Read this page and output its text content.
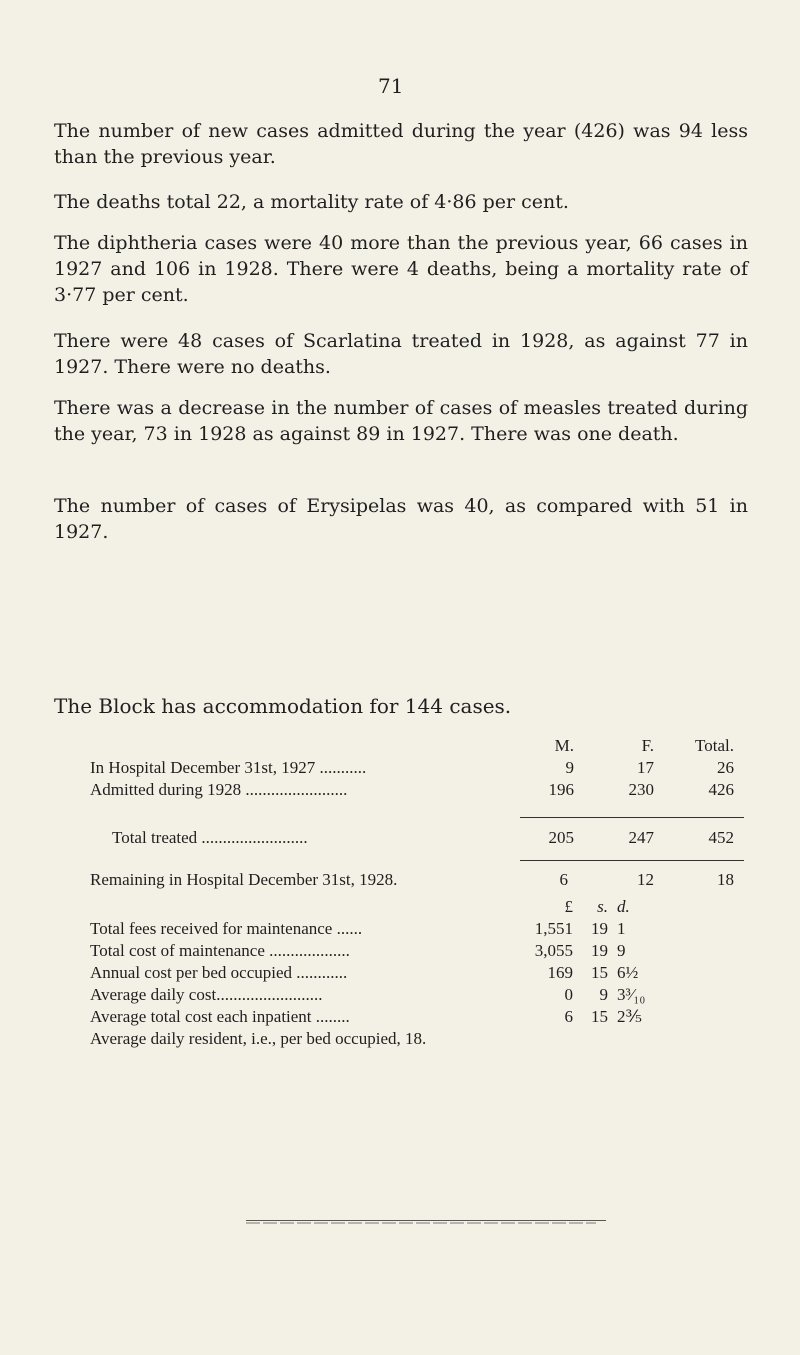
71

The number of new cases admitted during the year (426) was 94 less than the previous year.

The deaths total 22, a mortality rate of 4·86 per cent.

The diphtheria cases were 40 more than the previous year, 66 cases in 1927 and 106 in 1928. There were 4 deaths, being a mortality rate of 3·77 per cent.

There were 48 cases of Scarlatina treated in 1928, as against 77 in 1927. There were no deaths.

There was a decrease in the number of cases of measles treated during the year, 73 in 1928 as against 89 in 1927. There was one death.

The number of cases of Erysipelas was 40, as compared with 51 in 1927.

The Block has accommodation for 144 cases.
M.	F.	Total.
In Hospital December 31st, 1927 ...........	9	17	26
Admitted during 1928 ........................	196	230	426
Total treated .........................	205	247	452
Remaining in Hospital December 31st, 1928.	6	12	18
£	s. d.
Total fees received for maintenance ......	1,551	19 1
Total cost of maintenance ...................	3,055	19 9
Annual cost per bed occupied ............	169	15 6½
Average daily cost.........................	0	9 3³⁄₁₀
Average total cost each inpatient ........	6	15 2⅗
Average daily resident, i.e., per bed occupied, 18.
